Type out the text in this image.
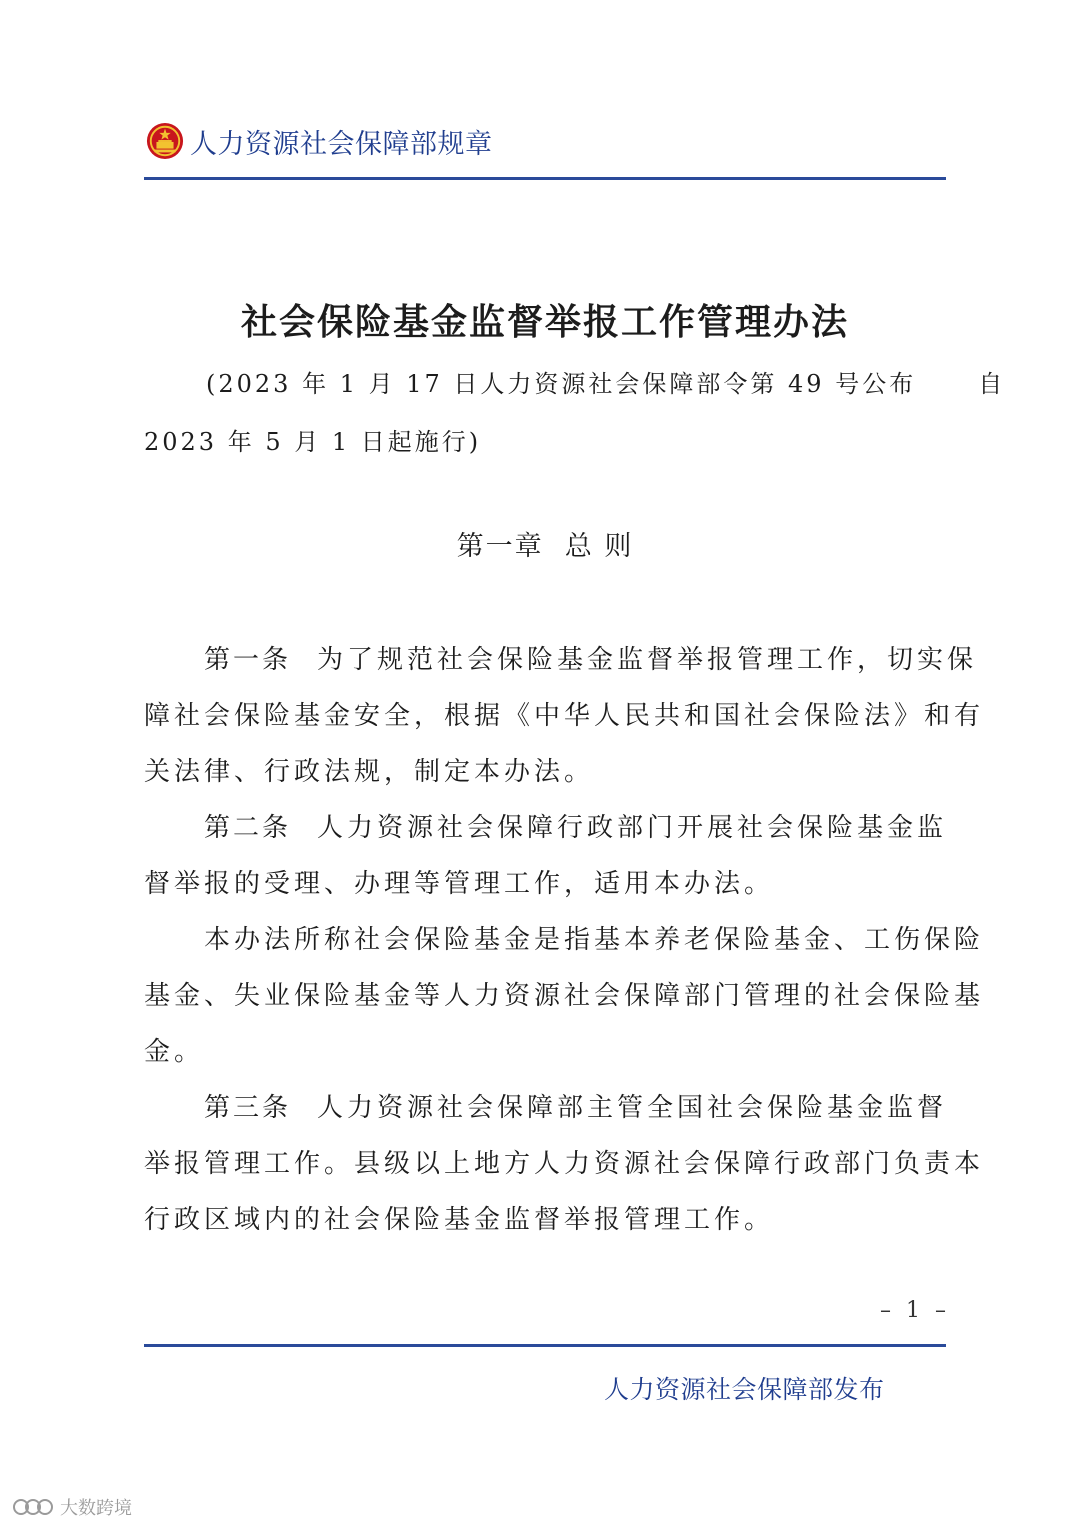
人力资源社会保障部规章
社会保险基金监督举报工作管理办法
(2023 年 1 月 17 日人力资源社会保障部令第 49 号公布	自
2023 年 5 月 1 日起施行)
第一章  总 则
第一条 为了规范社会保险基金监督举报管理工作，切实保
障社会保险基金安全，根据《中华人民共和国社会保险法》和有
关法律、行政法规，制定本办法。
第二条 人力资源社会保障行政部门开展社会保险基金监
督举报的受理、办理等管理工作，适用本办法。
本办法所称社会保险基金是指基本养老保险基金、工伤保险
基金、失业保险基金等人力资源社会保障部门管理的社会保险基
金。
第三条 人力资源社会保障部主管全国社会保险基金监督
举报管理工作。县级以上地方人力资源社会保障行政部门负责本
行政区域内的社会保险基金监督举报管理工作。
– 1 –
人力资源社会保障部发布
大数跨境
